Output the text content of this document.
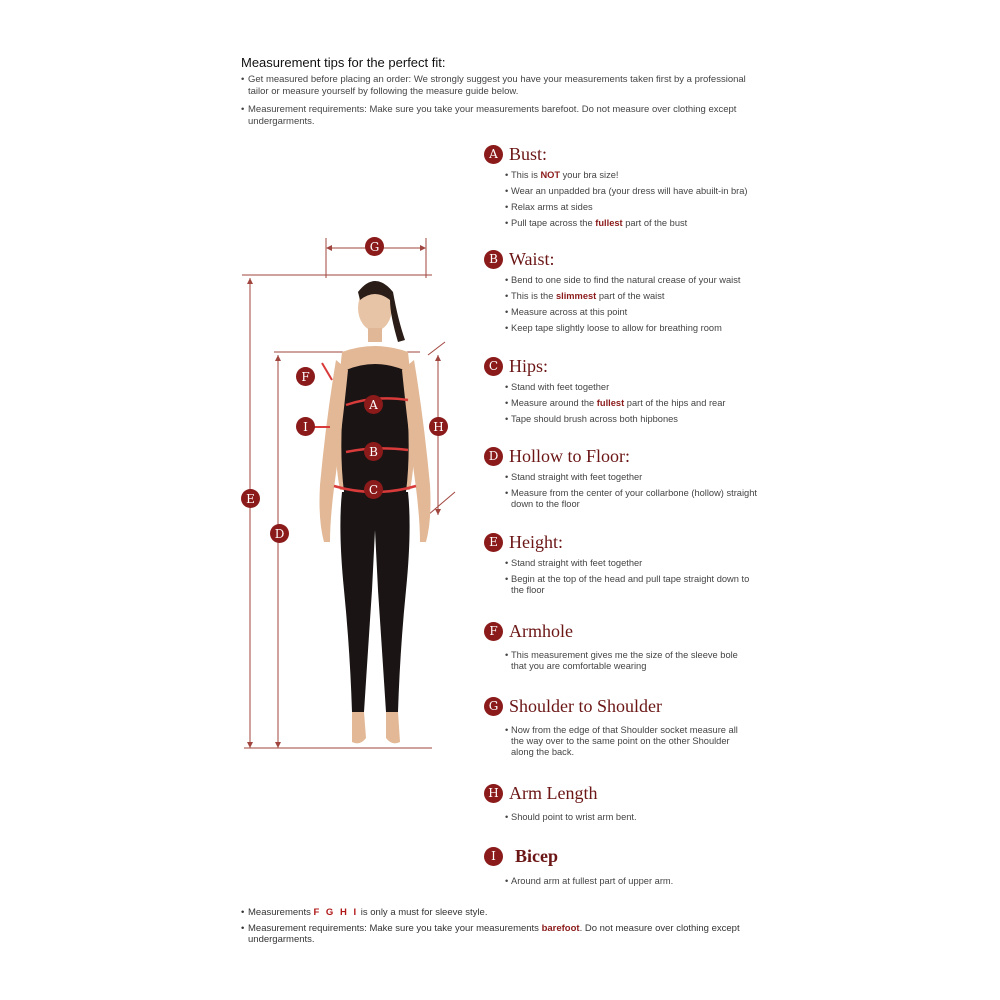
Measurement tips for the perfect fit:
• Get measured before placing an order: We strongly suggest you have your measurements taken first by a professional tailor or measure yourself by following the measure guide below.
• Measurement requirements: Make sure you take your measurements barefoot. Do not measure over clothing except undergarments.
G
F
A
I	H
B
C
E
D
A Bust:
• This is NOT your bra size!
• Wear an unpadded bra (your dress will have abuilt-in bra)
• Relax arms at sides
• Pull tape across the fullest part of the bust
B Waist:
• Bend to one side to find the natural crease of your waist
• This is the slimmest part of the waist
• Measure across at this point
• Keep tape slightly loose to allow for breathing room
C Hips:
• Stand with feet together
• Measure around the fullest part of the hips and rear
• Tape should brush across both hipbones
D Hollow to Floor:
• Stand straight with feet together
• Measure from the center of your collarbone (hollow) straight down to the floor
E Height:
• Stand straight with feet together
• Begin at the top of the head and pull tape straight down to the floor
F Armhole
• This measurement gives me the size of the sleeve bole that you are comfortable wearing
G Shoulder to Shoulder
• Now from the edge of that Shoulder socket measure all the way over to the same point on the other Shoulder along the back.
H Arm Length
• Should point to wrist arm bent.
I	Bicep
• Around arm at fullest part of upper arm.
• Measurements F G H I is only a must for sleeve style.
• Measurement requirements: Make sure you take your measurements barefoot. Do not measure over clothing except undergarments.
